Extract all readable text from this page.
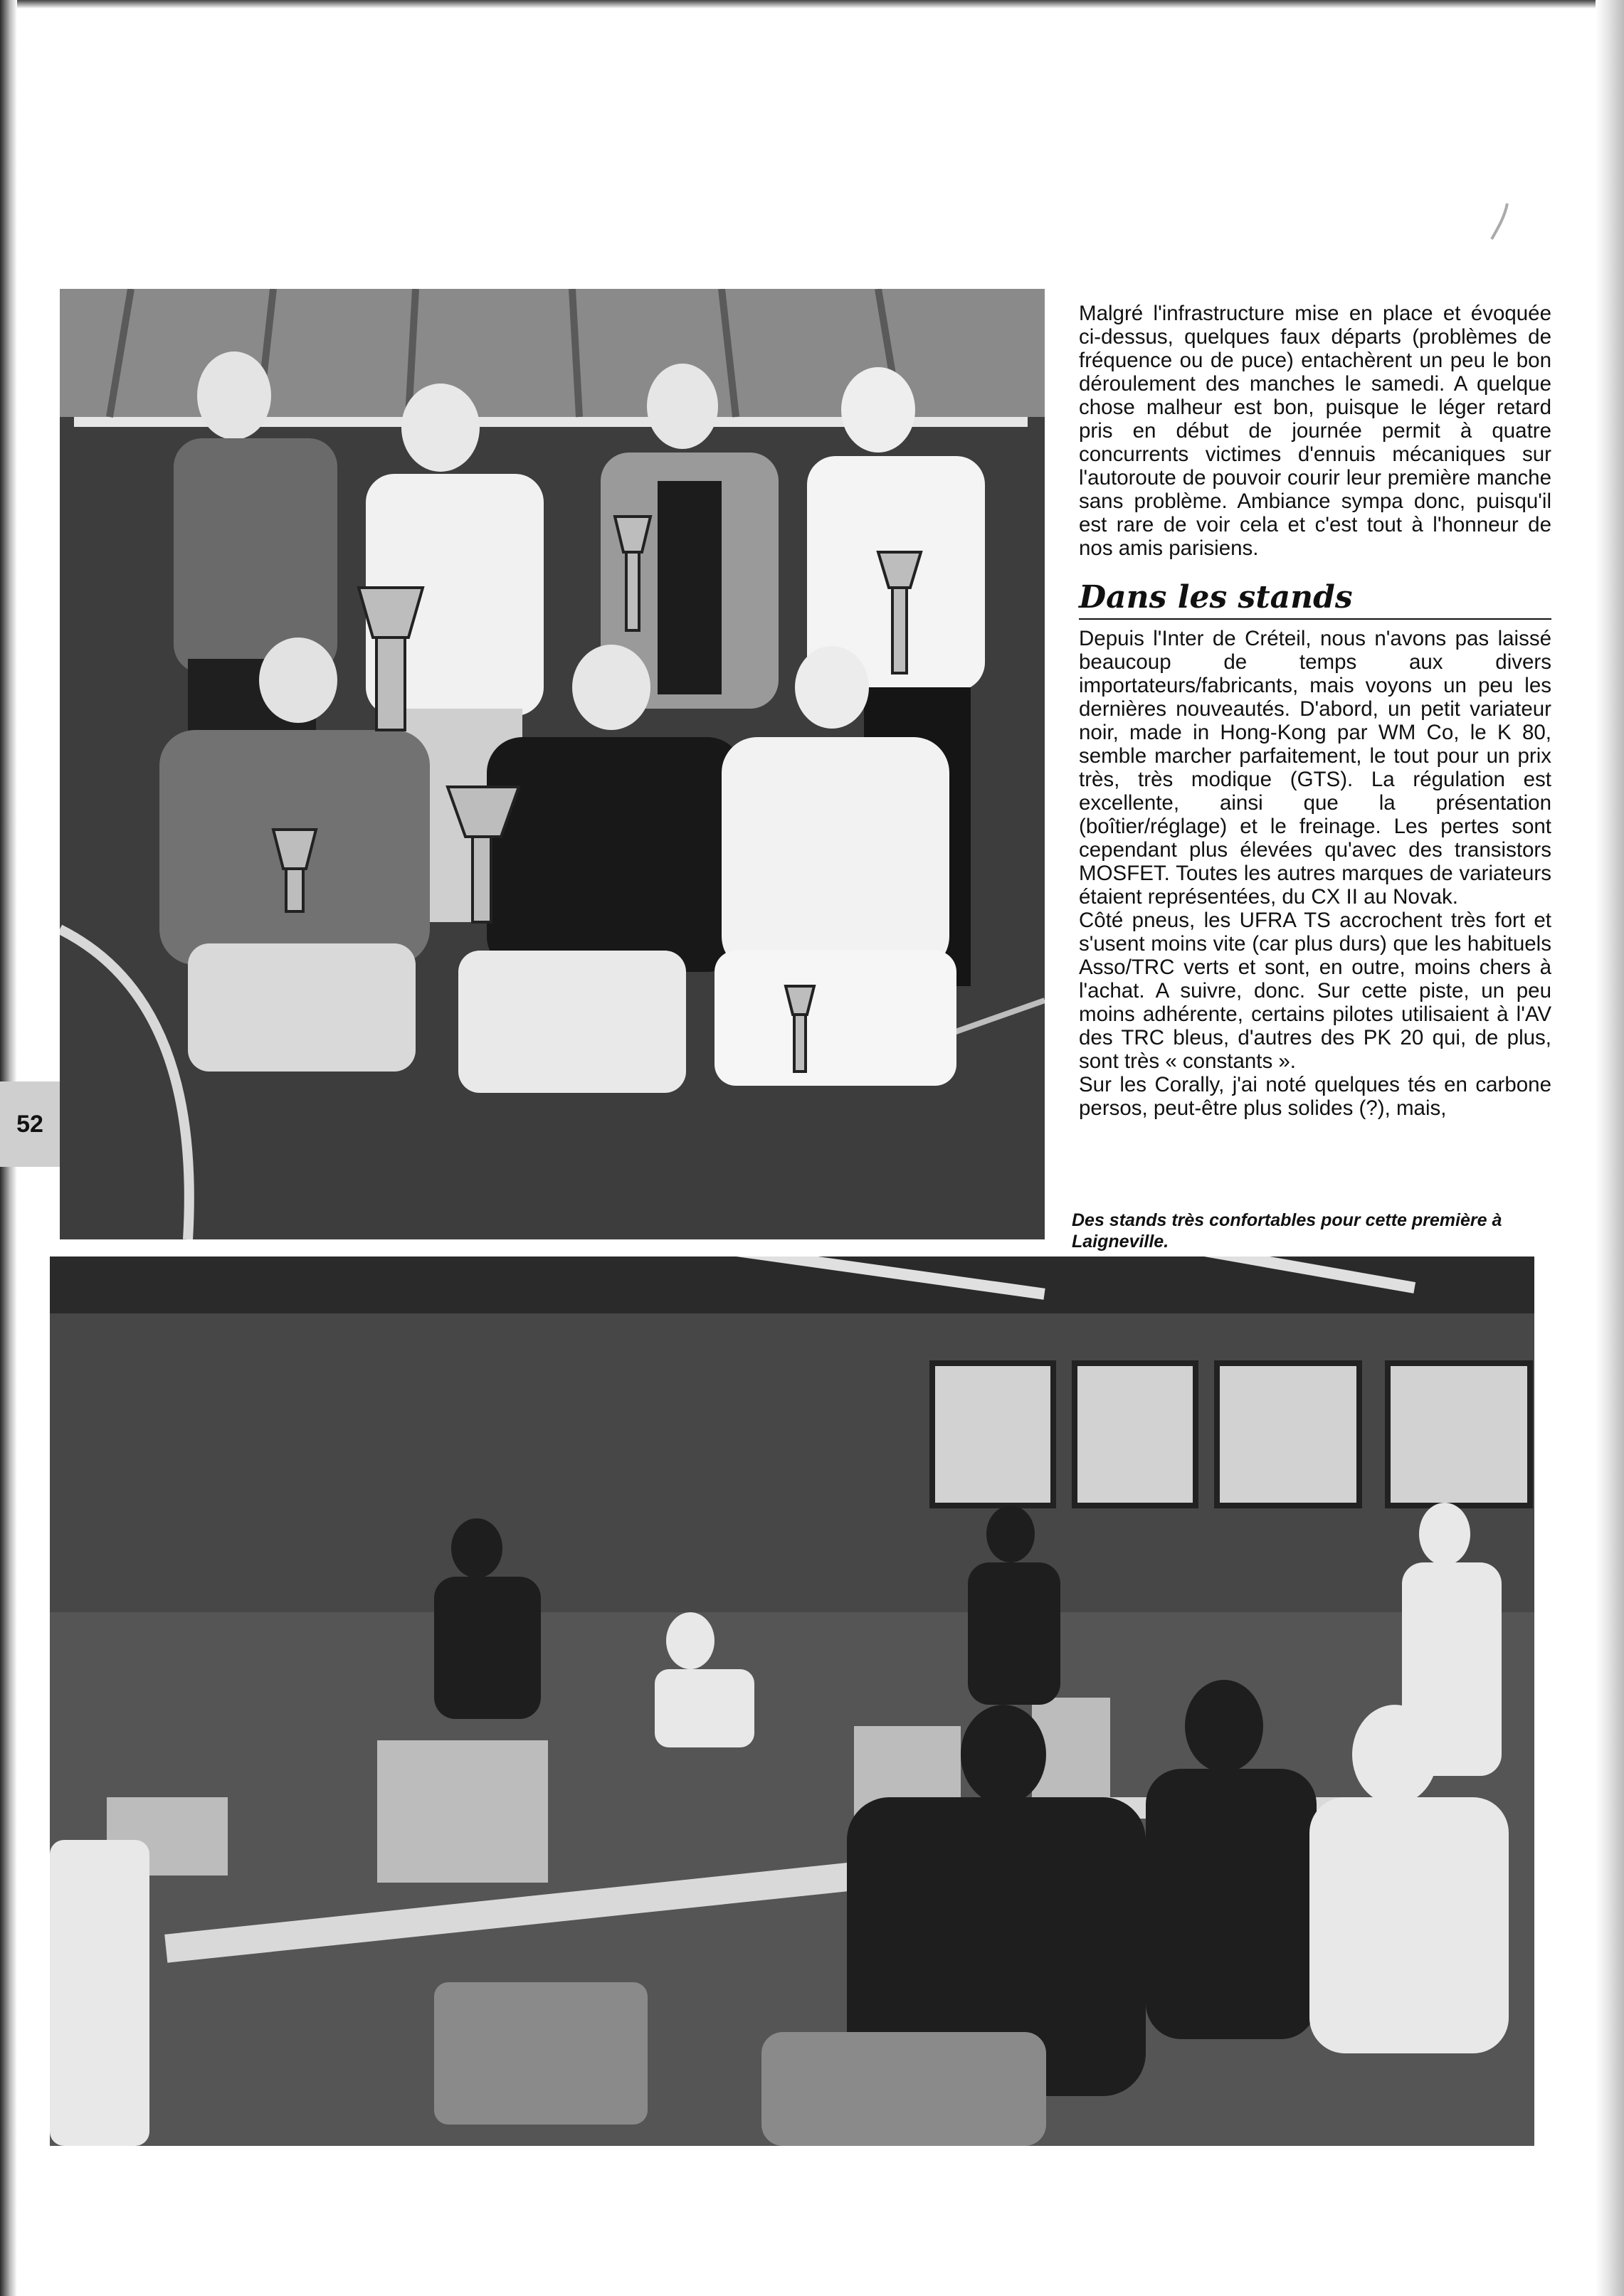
52

Malgré l'infrastructure mise en place et évoquée ci-dessus, quelques faux départs (problèmes de fréquence ou de puce) entachèrent un peu le bon déroulement des manches le samedi. A quelque chose malheur est bon, puisque le léger retard pris en début de journée permit à quatre concurrents victimes d'ennuis mécaniques sur l'autoroute de pouvoir courir leur première manche sans problème. Ambiance sympa donc, puisqu'il est rare de voir cela et c'est tout à l'honneur de nos amis parisiens.

Dans les stands

Depuis l'Inter de Créteil, nous n'avons pas laissé beaucoup de temps aux divers importateurs/fabricants, mais voyons un peu les dernières nouveautés. D'abord, un petit variateur noir, made in Hong-Kong par WM Co, le K 80, semble marcher parfaitement, le tout pour un prix très, très modique (GTS). La régulation est excellente, ainsi que la présentation (boîtier/réglage) et le freinage. Les pertes sont cependant plus élevées qu'avec des transistors MOSFET. Toutes les autres marques de variateurs étaient représentées, du CX II au Novak.

Côté pneus, les UFRA TS accrochent très fort et s'usent moins vite (car plus durs) que les habituels Asso/TRC verts et sont, en outre, moins chers à l'achat. A suivre, donc. Sur cette piste, un peu moins adhérente, certains pilotes utilisaient à l'AV des TRC bleus, d'autres des PK 20 qui, de plus, sont très « constants ».

Sur les Corally, j'ai noté quelques tés en carbone persos, peut-être plus solides (?), mais,

Des stands très confortables pour cette première à Laigneville.
